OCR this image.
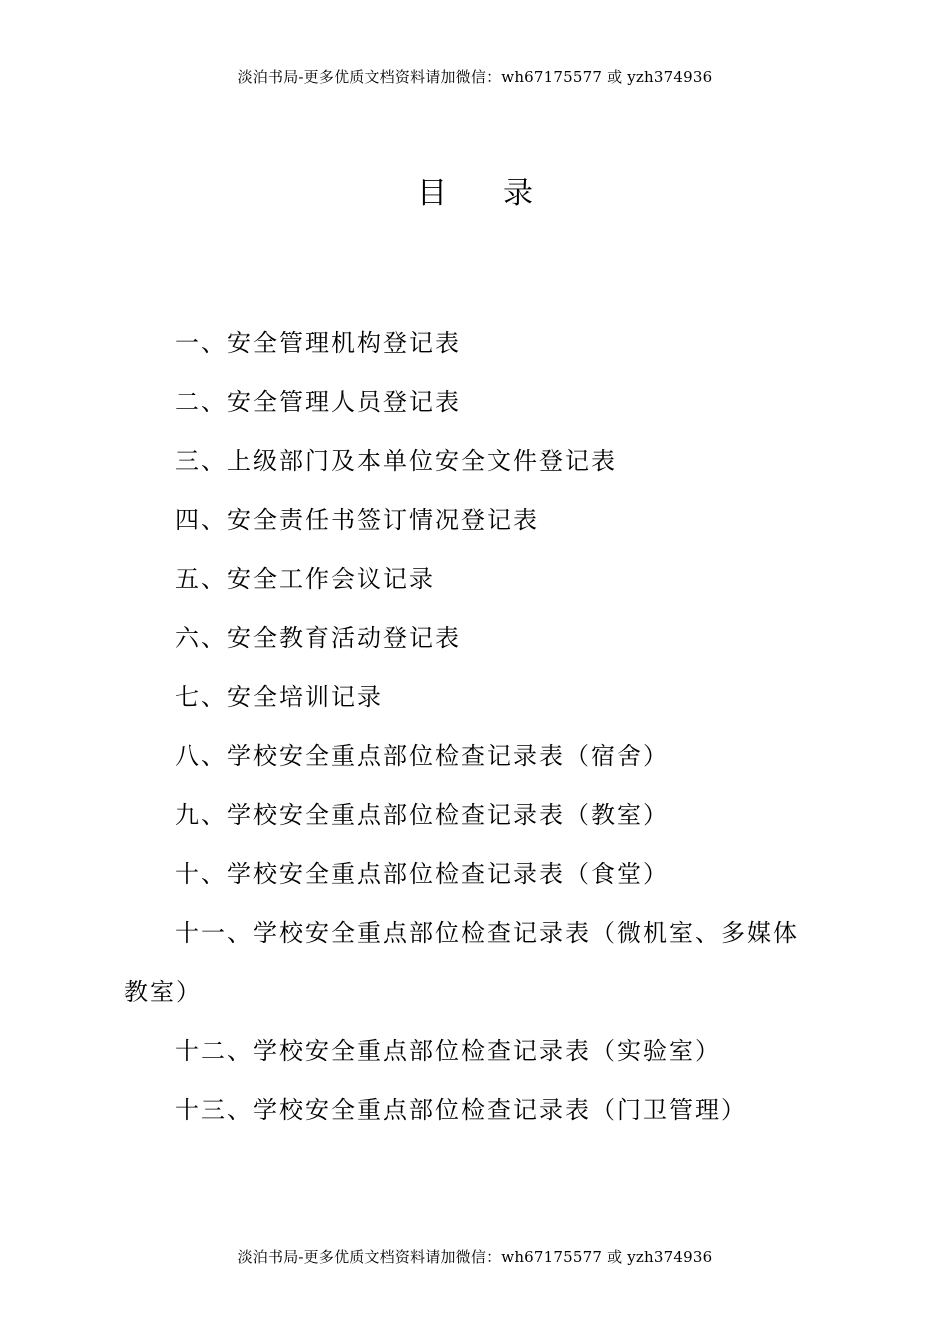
淡泊书局-更多优质文档资料请加微信：wh67175577 或 yzh374936
目录
一、安全管理机构登记表
二、安全管理人员登记表
三、上级部门及本单位安全文件登记表
四、安全责任书签订情况登记表
五、安全工作会议记录
六、安全教育活动登记表
七、安全培训记录
八、学校安全重点部位检查记录表（宿舍）
九、学校安全重点部位检查记录表（教室）
十、学校安全重点部位检查记录表（食堂）
十一、学校安全重点部位检查记录表（微机室、多媒体教室）
十二、学校安全重点部位检查记录表（实验室）
十三、学校安全重点部位检查记录表（门卫管理）
淡泊书局-更多优质文档资料请加微信：wh67175577 或 yzh374936
